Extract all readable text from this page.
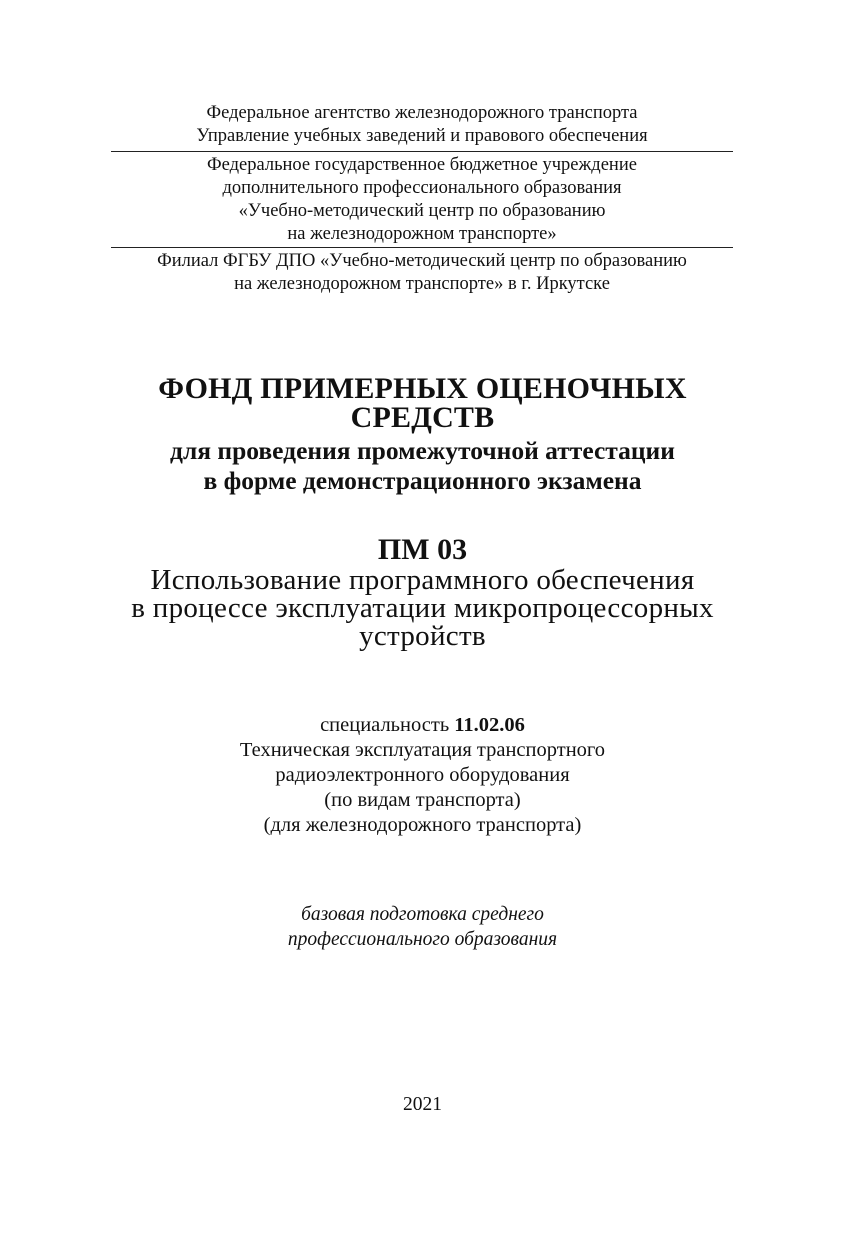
Федеральное агентство железнодорожного транспорта
Управление учебных заведений и правового обеспечения
Федеральное государственное бюджетное учреждение
дополнительного профессионального образования
«Учебно-методический центр по образованию
на железнодорожном транспорте»
Филиал ФГБУ ДПО «Учебно-методический центр по образованию
на железнодорожном транспорте» в г. Иркутске
ФОНД ПРИМЕРНЫХ ОЦЕНОЧНЫХ
СРЕДСТВ
для проведения промежуточной аттестации
в форме демонстрационного экзамена
ПМ 03
Использование программного обеспечения
в процессе эксплуатации микропроцессорных
устройств
специальность 11.02.06
Техническая эксплуатация транспортного
радиоэлектронного оборудования
(по видам транспорта)
(для железнодорожного транспорта)
базовая подготовка среднего
профессионального образования
2021
